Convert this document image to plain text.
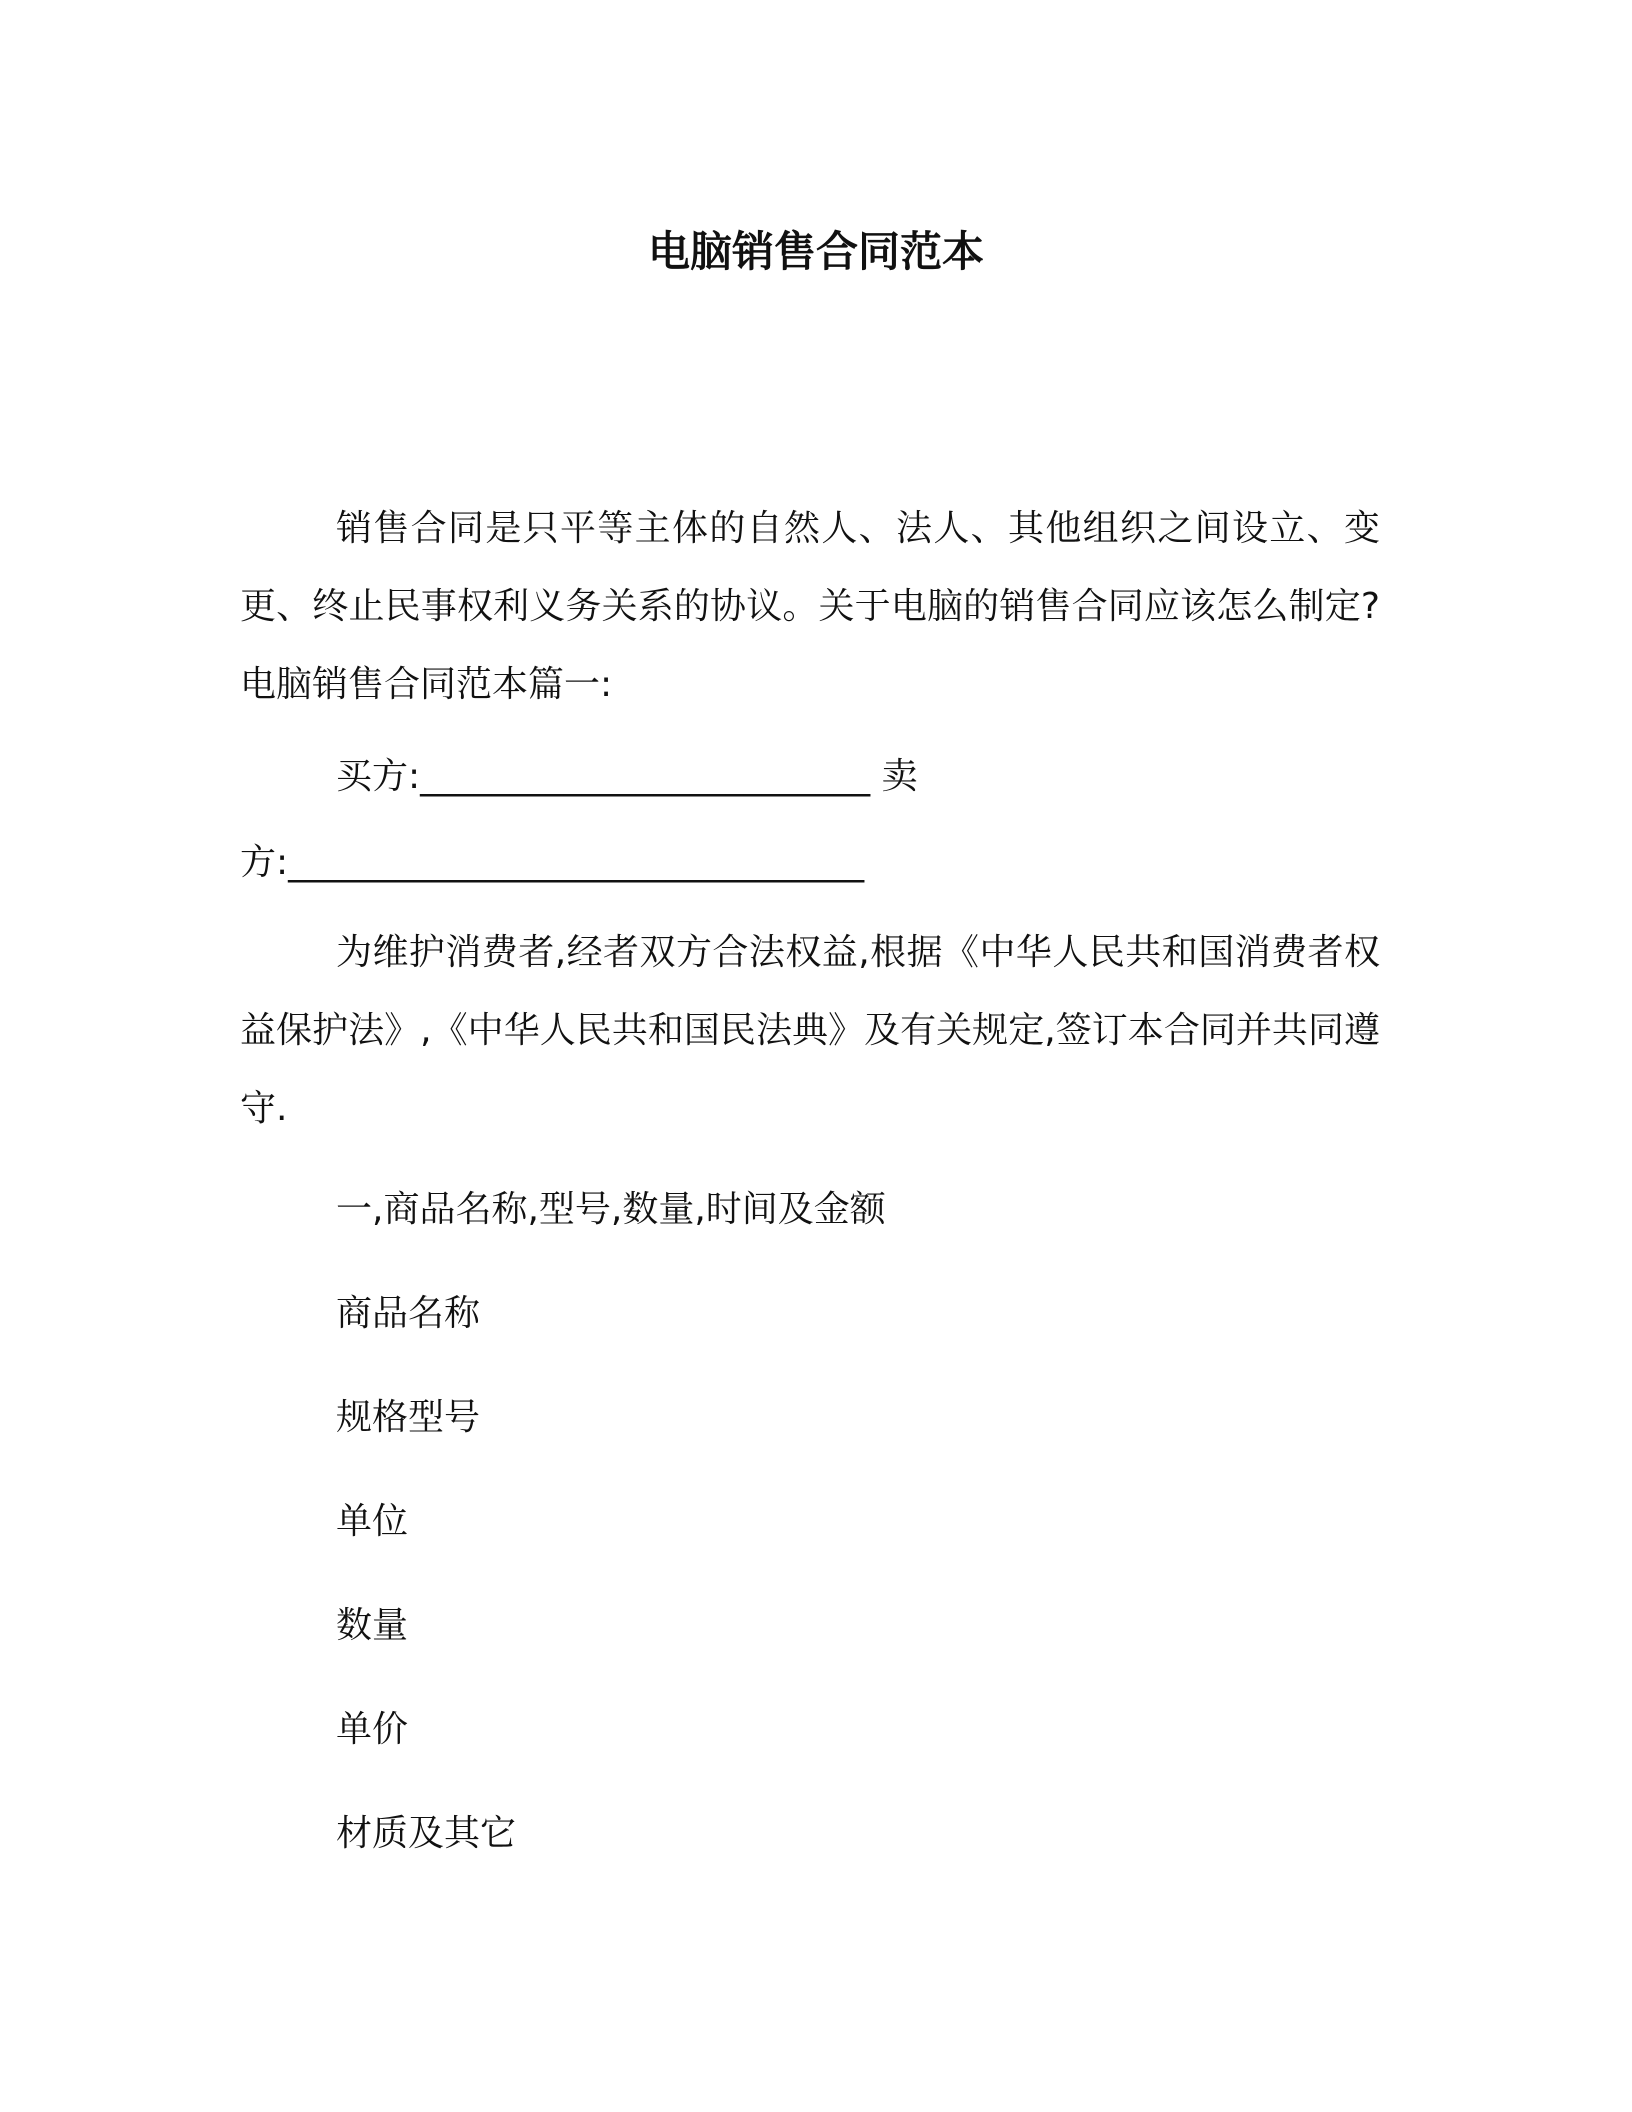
电脑销售合同范本

销售合同是只平等主体的自然人、法人、其他组织之间设立、变更、终止民事权利义务关系的协议。关于电脑的销售合同应该怎么制定?电脑销售合同范本篇一:

买方:_________________________ 卖

方:________________________________

为维护消费者,经者双方合法权益,根据《中华人民共和国消费者权益保护法》,《中华人民共和国民法典》及有关规定,签订本合同并共同遵守.

一,商品名称,型号,数量,时间及金额

商品名称

规格型号

单位

数量

单价

材质及其它
